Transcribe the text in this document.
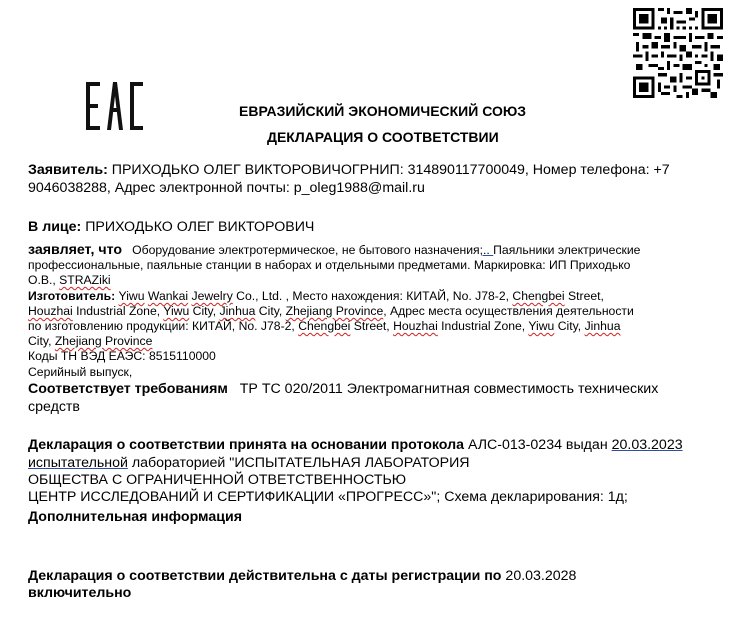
ЕВРАЗИЙСКИЙ ЭКОНОМИЧЕСКИЙ СОЮЗ
ДЕКЛАРАЦИЯ О СООТВЕТСТВИИ
Заявитель: ПРИХОДЬКО ОЛЕГ ВИКТОРОВИЧОГРНИП: 314890117700049, Номер телефона: +7
9046038288, Адрес электронной почты: p_oleg1988@mail.ru
В лице: ПРИХОДЬКО ОЛЕГ ВИКТОРОВИЧ
заявляет, что Оборудование электротермическое, не бытового назначения;.. Паяльники электрические
профессиональные, паяльные станции в наборах и отдельными предметами. Маркировка: ИП Приходько
О.В., STRAZiki
Изготовитель: Yiwu Wankai Jewelry Co., Ltd. , Место нахождения: КИТАЙ, No. J78-2, Chengbei Street,
Houzhai Industrial Zone, Yiwu City, Jinhua City, Zhejiang Province, Адрес места осуществления деятельности
по изготовлению продукции: КИТАЙ, No. J78-2, Chengbei Street, Houzhai Industrial Zone, Yiwu City, Jinhua
City, Zhejiang Province
Коды ТН ВЭД ЕАЭС: 8515110000
Серийный выпуск,
Соответствует требованиям ТР ТС 020/2011 Электромагнитная совместимость технических
средств
Декларация о соответствии принята на основании протокола АЛС-013-0234 выдан 20.03.2023
испытательной лабораторией "ИСПЫТАТЕЛЬНАЯ ЛАБОРАТОРИЯ
ОБЩЕСТВА С ОГРАНИЧЕННОЙ ОТВЕТСТВЕННОСТЬЮ
ЦЕНТР ИССЛЕДОВАНИЙ И СЕРТИФИКАЦИИ «ПРОГРЕСС»"; Схема декларирования: 1д;
Дополнительная информация
Декларация о соответствии действительна с даты регистрации по 20.03.2028
включительно
